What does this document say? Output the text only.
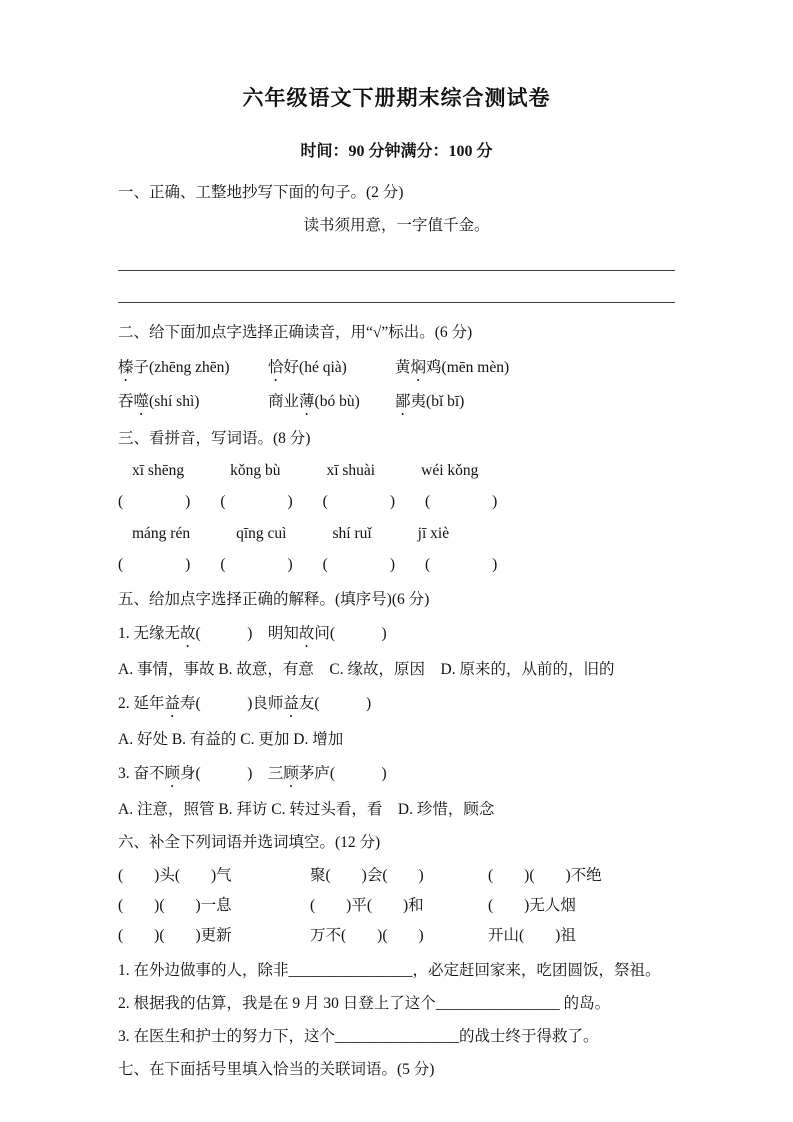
六年级语文下册期末综合测试卷
时间：90 分钟满分：100 分
一、正确、工整地抄写下面的句子。(2 分)
读书须用意，一字值千金。
二、给下面加点字选择正确读音，用“√”标出。(6 分)
榛子(zhēng zhēn)	恰好(hé qià)	黄焖鸡(mēn mèn)
吞噬(shí shì)	商业薄(bó bù)	鄙夷(bǐ bī)
三、看拼音，写词语。(8 分)
xī shēng	kǒng bù	xī shuài	wéi kǒng
(　　　　) (　　　　) (　　　　) (　　　　)
máng rén	qīng cuì	shí ruǐ	jī xiè
(　　　　) (　　　　) (　　　　) (　　　　)
五、给加点字选择正确的解释。(填序号)(6 分)
1. 无缘无故(　　　)　明知故问(　　　)
A. 事情，事故 B. 故意，有意　C. 缘故，原因　D. 原来的，从前的，旧的
2. 延年益寿(　　　)良师益友(　　　)
A. 好处 B. 有益的 C. 更加 D. 增加
3. 奋不顾身(　　　)　三顾茅庐(　　　)
A. 注意，照管 B. 拜访 C. 转过头看，看　D. 珍惜，顾念
六、补全下列词语并选词填空。(12 分)
(　　)头(　　)气	聚(　　)会(　　)	(　　)(　　)不绝
(　　)(　　)一息	(　　)平(　　)和	(　　)无人烟
(　　)(　　)更新	万不(　　)(　　)	开山(　　)祖
1. 在外边做事的人，除非________________，必定赶回家来，吃团圆饭，祭祖。
2. 根据我的估算，我是在 9 月 30 日登上了这个________________ 的岛。
3. 在医生和护士的努力下，这个________________的战士终于得救了。
七、在下面括号里填入恰当的关联词语。(5 分)
